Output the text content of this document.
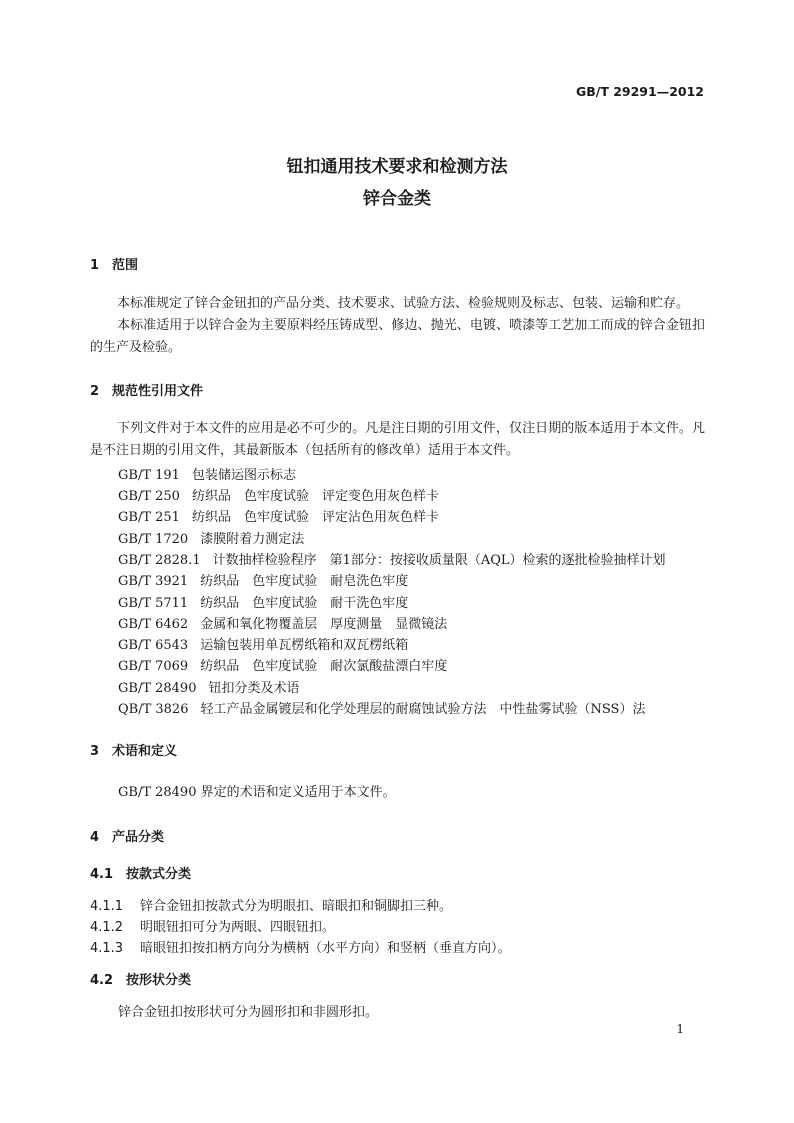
GB/T 29291—2012
钮扣通用技术要求和检测方法
锌合金类
1 范围
本标准规定了锌合金钮扣的产品分类、技术要求、试验方法、检验规则及标志、包装、运输和贮存。
本标准适用于以锌合金为主要原料经压铸成型、修边、抛光、电镀、喷漆等工艺加工而成的锌合金钮扣的生产及检验。
2 规范性引用文件
下列文件对于本文件的应用是必不可少的。凡是注日期的引用文件，仅注日期的版本适用于本文件。凡是不注日期的引用文件，其最新版本（包括所有的修改单）适用于本文件。
GB/T 191 包装储运图示标志
GB/T 250 纺织品　色牢度试验　评定变色用灰色样卡
GB/T 251 纺织品　色牢度试验　评定沾色用灰色样卡
GB/T 1720 漆膜附着力测定法
GB/T 2828.1 计数抽样检验程序　第1部分：按接收质量限（AQL）检索的逐批检验抽样计划
GB/T 3921 纺织品　色牢度试验　耐皂洗色牢度
GB/T 5711 纺织品　色牢度试验　耐干洗色牢度
GB/T 6462 金属和氧化物覆盖层　厚度测量　显微镜法
GB/T 6543 运输包装用单瓦楞纸箱和双瓦楞纸箱
GB/T 7069 纺织品　色牢度试验　耐次氯酸盐漂白牢度
GB/T 28490 钮扣分类及术语
QB/T 3826 轻工产品金属镀层和化学处理层的耐腐蚀试验方法　中性盐雾试验（NSS）法
3 术语和定义
GB/T 28490 界定的术语和定义适用于本文件。
4 产品分类
4.1 按款式分类
4.1.1 锌合金钮扣按款式分为明眼扣、暗眼扣和铜脚扣三种。
4.1.2 明眼钮扣可分为两眼、四眼钮扣。
4.1.3 暗眼钮扣按扣柄方向分为横柄（水平方向）和竖柄（垂直方向）。
4.2 按形状分类
锌合金钮扣按形状可分为圆形扣和非圆形扣。
1
